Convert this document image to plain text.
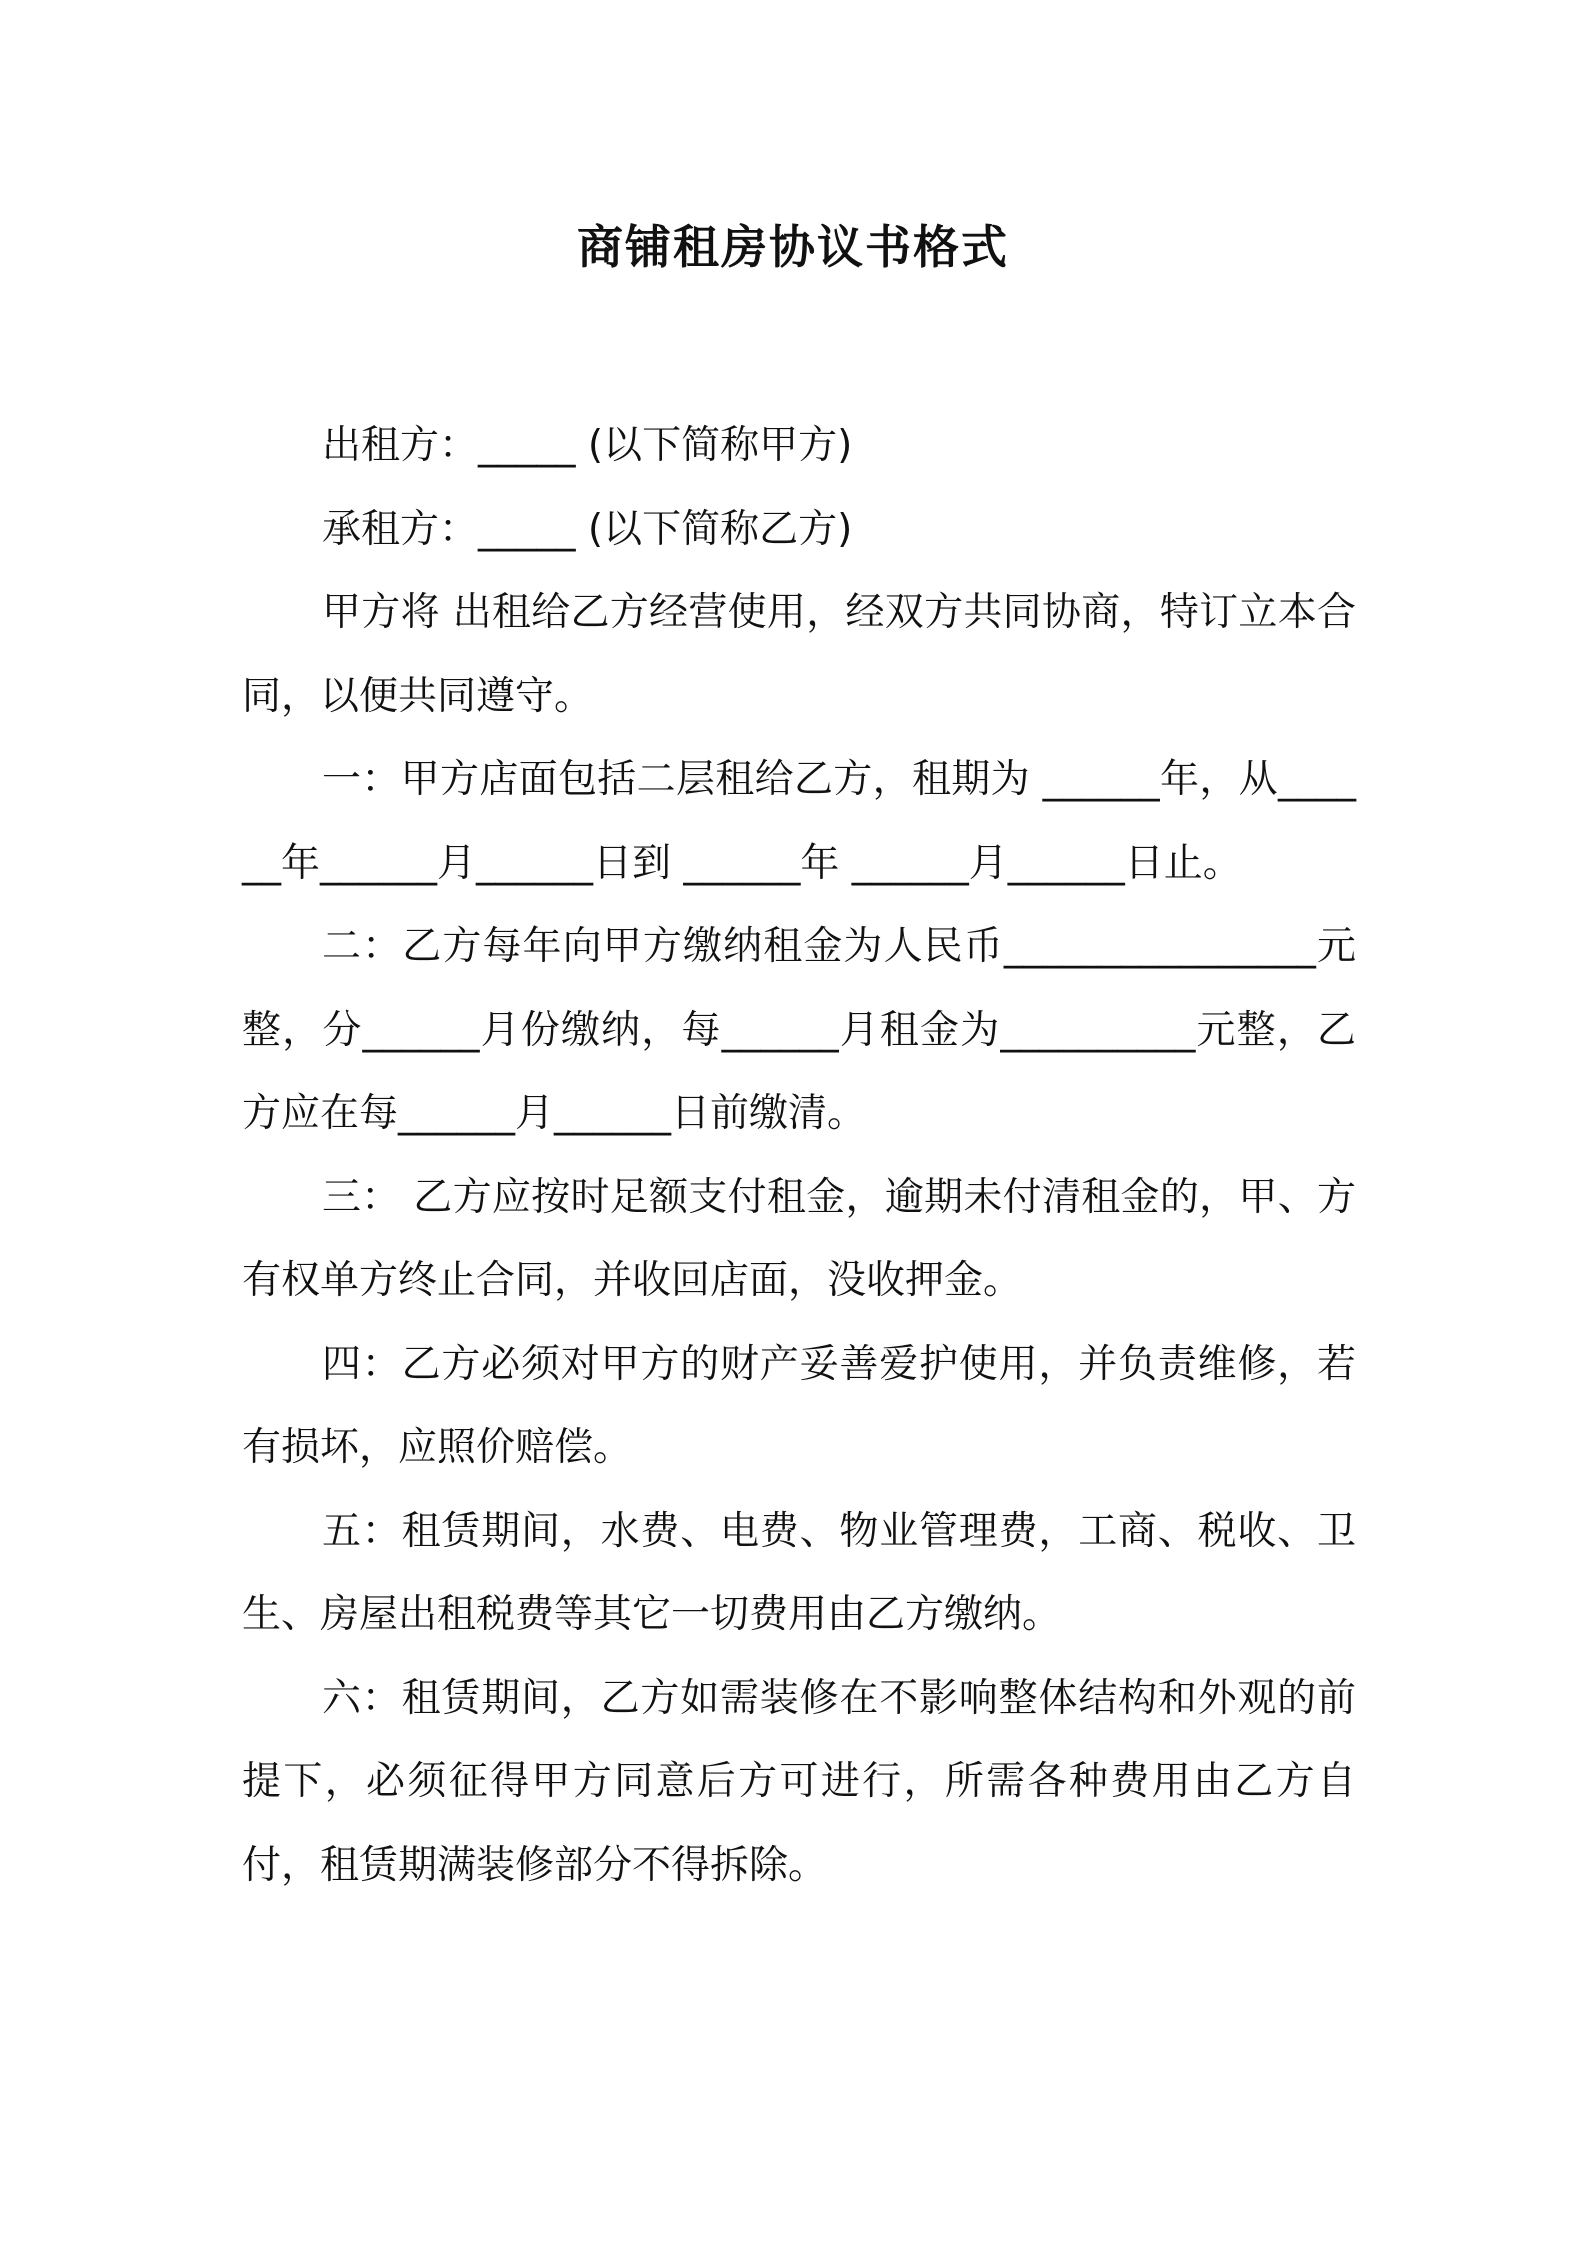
商铺租房协议书格式

出租方：_____ (以下简称甲方)

承租方：_____ (以下简称乙方)

甲方将 出租给乙方经营使用，经双方共同协商，特订立本合同，以便共同遵守。

一：甲方店面包括二层租给乙方，租期为 ______年，从______年______月______日到 ______年 ______月______日止。

二：乙方每年向甲方缴纳租金为人民币________________元整，分______月份缴纳，每______月租金为__________元整，乙方应在每______月______日前缴清。

三： 乙方应按时足额支付租金，逾期未付清租金的，甲、方有权单方终止合同，并收回店面，没收押金。

四：乙方必须对甲方的财产妥善爱护使用，并负责维修，若有损坏，应照价赔偿。

五：租赁期间，水费、电费、物业管理费，工商、税收、卫生、房屋出租税费等其它一切费用由乙方缴纳。

六：租赁期间，乙方如需装修在不影响整体结构和外观的前提下，必须征得甲方同意后方可进行，所需各种费用由乙方自付，租赁期满装修部分不得拆除。
